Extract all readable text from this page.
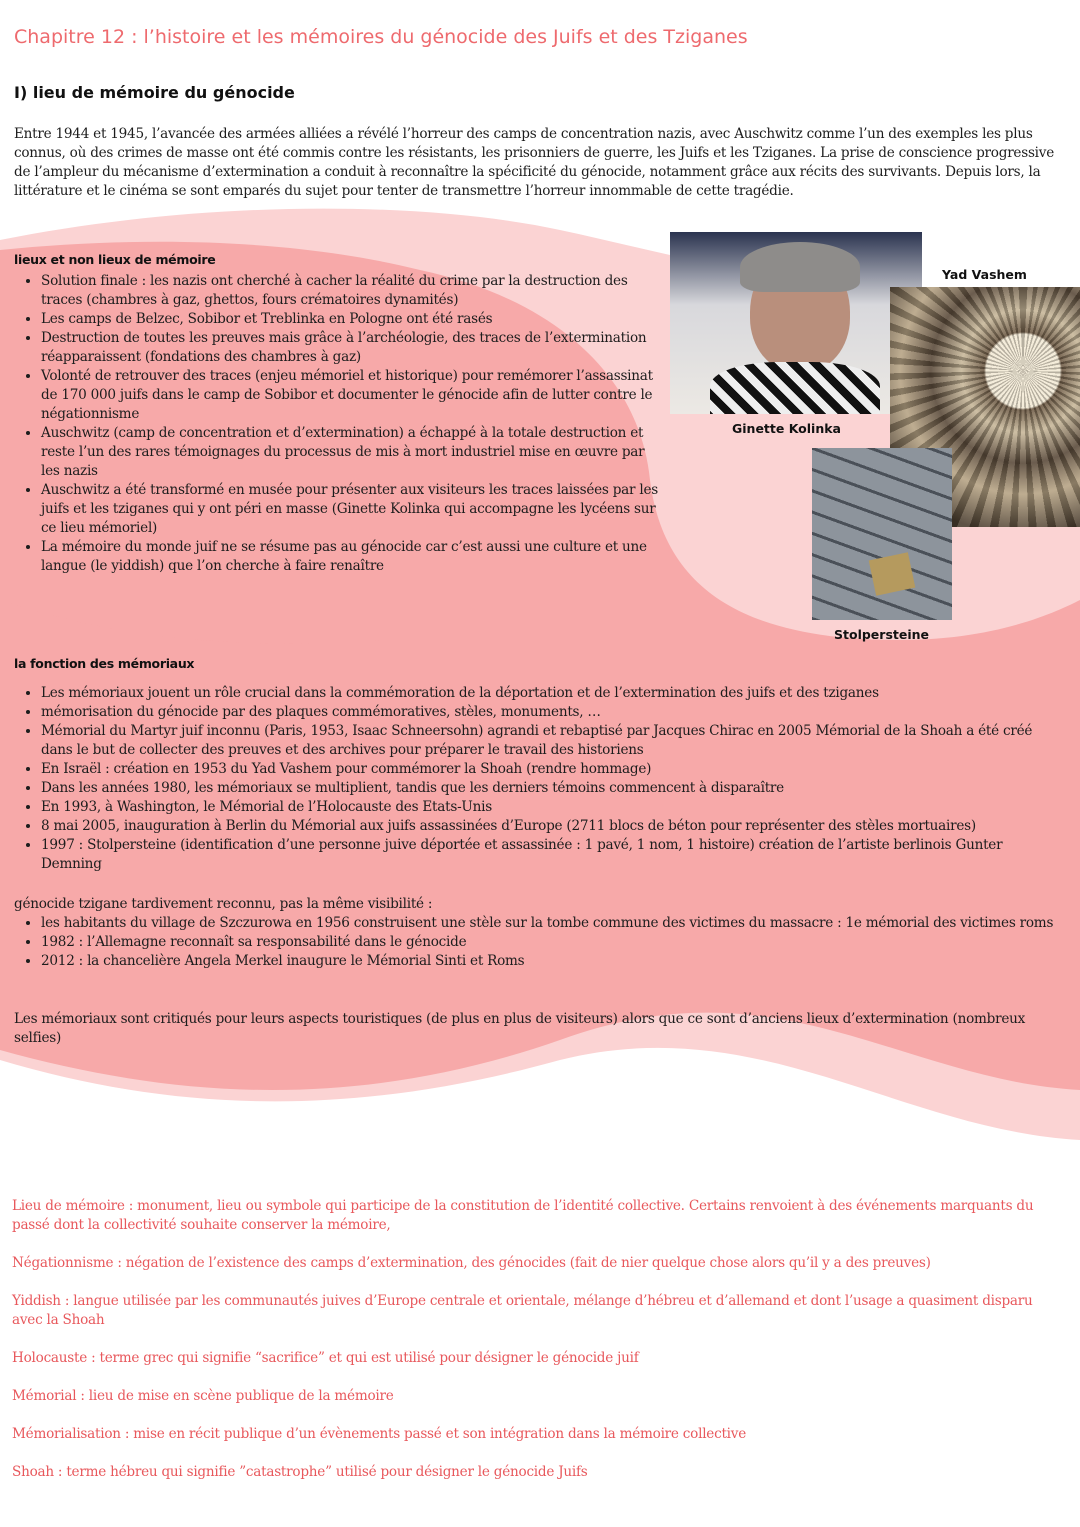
Chapitre 12 : l’histoire et les mémoires du génocide des Juifs et des Tziganes
I) lieu de mémoire du génocide
Entre 1944 et 1945, l’avancée des armées alliées a révélé l’horreur des camps de concentration nazis, avec Auschwitz comme l’un des exemples les plus connus, où des crimes de masse ont été commis contre les résistants, les prisonniers de guerre, les Juifs et les Tziganes. La prise de conscience progressive de l’ampleur du mécanisme d’extermination a conduit à reconnaître la spécificité du génocide, notamment grâce aux récits des survivants. Depuis lors, la littérature et le cinéma se sont emparés du sujet pour tenter de transmettre l’horreur innommable de cette tragédie.
lieux et non lieux de mémoire
• Solution finale : les nazis ont cherché à cacher la réalité du crime par la destruction des traces (chambres à gaz, ghettos, fours crématoires dynamités)
• Les camps de Belzec, Sobibor et Treblinka en Pologne ont été rasés
• Destruction de toutes les preuves mais grâce à l’archéologie, des traces de l’extermination réapparaissent (fondations des chambres à gaz)
• Volonté de retrouver des traces (enjeu mémoriel et historique) pour remémorer l’assassinat de 170 000 juifs dans le camp de Sobibor et documenter le génocide afin de lutter contre le négationnisme
• Auschwitz (camp de concentration et d’extermination) a échappé à la totale destruction et reste l’un des rares témoignages du processus de mis à mort industriel mise en œuvre par les nazis
• Auschwitz a été transformé en musée pour présenter aux visiteurs les traces laissées par les juifs et les tziganes qui y ont péri en masse (Ginette Kolinka qui accompagne les lycéens sur ce lieu mémoriel)
• La mémoire du monde juif ne se résume pas au génocide car c’est aussi une culture et une langue (le yiddish) que l’on cherche à faire renaître
Ginette Kolinka
Yad Vashem
Stolpersteine
la fonction des mémoriaux
• Les mémoriaux jouent un rôle crucial dans la commémoration de la déportation et de l’extermination des juifs et des tziganes
• mémorisation du génocide par des plaques commémoratives, stèles, monuments, …
• Mémorial du Martyr juif inconnu (Paris, 1953, Isaac Schneersohn) agrandi et rebaptisé par Jacques Chirac en 2005 Mémorial de la Shoah a été créé dans le but de collecter des preuves et des archives pour préparer le travail des historiens
• En Israël : création en 1953 du Yad Vashem pour commémorer la Shoah (rendre hommage)
• Dans les années 1980, les mémoriaux se multiplient, tandis que les derniers témoins commencent à disparaître
• En 1993, à Washington, le Mémorial de l’Holocauste des Etats-Unis
• 8 mai 2005, inauguration à Berlin du Mémorial aux juifs assassinées d’Europe (2711 blocs de béton pour représenter des stèles mortuaires)
• 1997 : Stolpersteine (identification d’une personne juive déportée et assassinée : 1 pavé, 1 nom, 1 histoire) création de l’artiste berlinois Gunter Demning
génocide tzigane tardivement reconnu, pas la même visibilité :
• les habitants du village de Szczurowa en 1956 construisent une stèle sur la tombe commune des victimes du massacre : 1e mémorial des victimes roms
• 1982 : l’Allemagne reconnaît sa responsabilité dans le génocide
• 2012 : la chancelière Angela Merkel inaugure le Mémorial Sinti et Roms
Les mémoriaux sont critiqués pour leurs aspects touristiques (de plus en plus de visiteurs) alors que ce sont d’anciens lieux d’extermination (nombreux selfies)
Lieu de mémoire : monument, lieu ou symbole qui participe de la constitution de l’identité collective. Certains renvoient à des événements marquants du passé dont la collectivité souhaite conserver la mémoire,
Négationnisme : négation de l’existence des camps d’extermination, des génocides (fait de nier quelque chose alors qu’il y a des preuves)
Yiddish : langue utilisée par les communautés juives d’Europe centrale et orientale, mélange d’hébreu et d’allemand et dont l’usage a quasiment disparu avec la Shoah
Holocauste : terme grec qui signifie “sacrifice” et qui est utilisé pour désigner le génocide juif
Mémorial : lieu de mise en scène publique de la mémoire
Mémorialisation : mise en récit publique d’un évènements passé et son intégration dans la mémoire collective
Shoah : terme hébreu qui signifie ”catastrophe” utilisé pour désigner le génocide Juifs
